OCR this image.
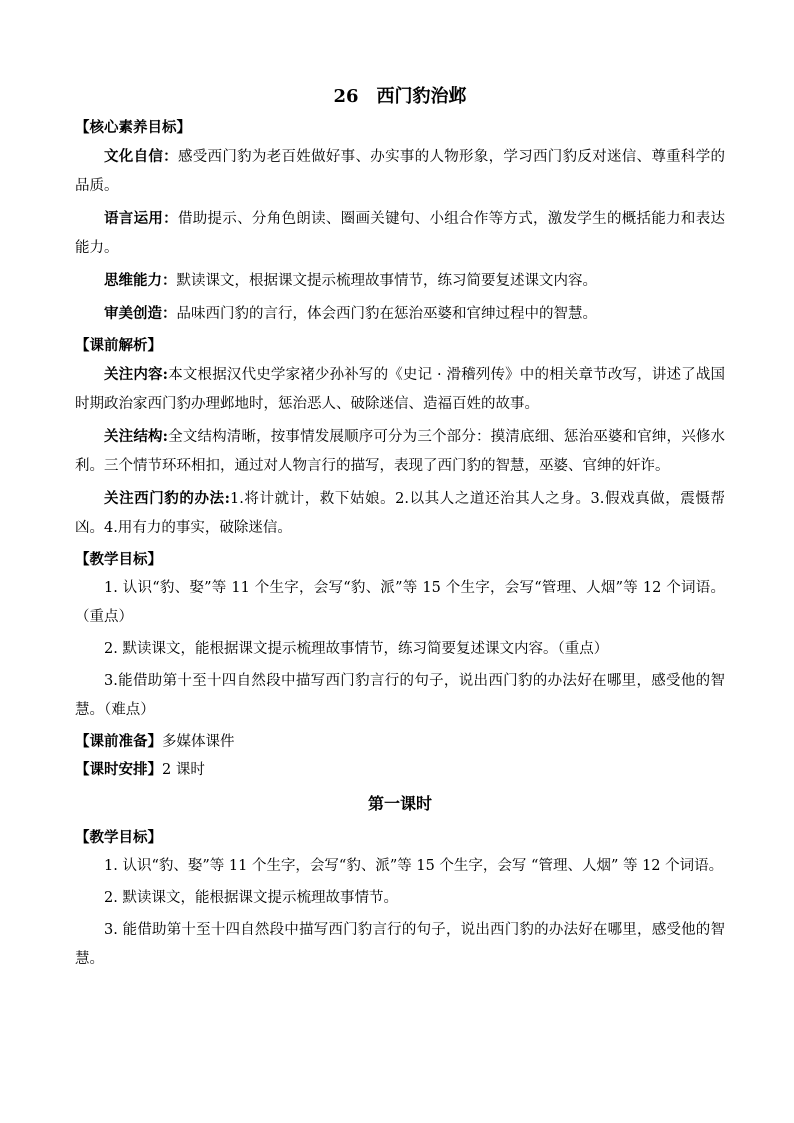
26　西门豹治邺
【核心素养目标】
文化自信：感受西门豹为老百姓做好事、办实事的人物形象，学习西门豹反对迷信、尊重科学的品质。
语言运用：借助提示、分角色朗读、圈画关键句、小组合作等方式，激发学生的概括能力和表达能力。
思维能力：默读课文，根据课文提示梳理故事情节，练习简要复述课文内容。
审美创造：品味西门豹的言行，体会西门豹在惩治巫婆和官绅过程中的智慧。
【课前解析】
关注内容:本文根据汉代史学家褚少孙补写的《史记 · 滑稽列传》中的相关章节改写，讲述了战国时期政治家西门豹办理邺地时，惩治恶人、破除迷信、造福百姓的故事。
关注结构:全文结构清晰，按事情发展顺序可分为三个部分：摸清底细、惩治巫婆和官绅，兴修水利。三个情节环环相扣，通过对人物言行的描写，表现了西门豹的智慧，巫婆、官绅的奸诈。
关注西门豹的办法:1.将计就计，救下姑娘。2.以其人之道还治其人之身。3.假戏真做，震慑帮凶。4.用有力的事实，破除迷信。
【教学目标】
1. 认识“豹、娶”等 11 个生字，会写“豹、派”等 15 个生字，会写“管理、人烟”等 12 个词语。（重点）
2. 默读课文，能根据课文提示梳理故事情节，练习简要复述课文内容。（重点）
3.能借助第十至十四自然段中描写西门豹言行的句子，说出西门豹的办法好在哪里，感受他的智慧。（难点）
【课前准备】多媒体课件
【课时安排】2 课时
第一课时
【教学目标】
1. 认识“豹、娶”等 11 个生字，会写“豹、派”等 15 个生字，会写 “管理、人烟” 等 12 个词语。
2. 默读课文，能根据课文提示梳理故事情节。
3. 能借助第十至十四自然段中描写西门豹言行的句子，说出西门豹的办法好在哪里，感受他的智慧。
